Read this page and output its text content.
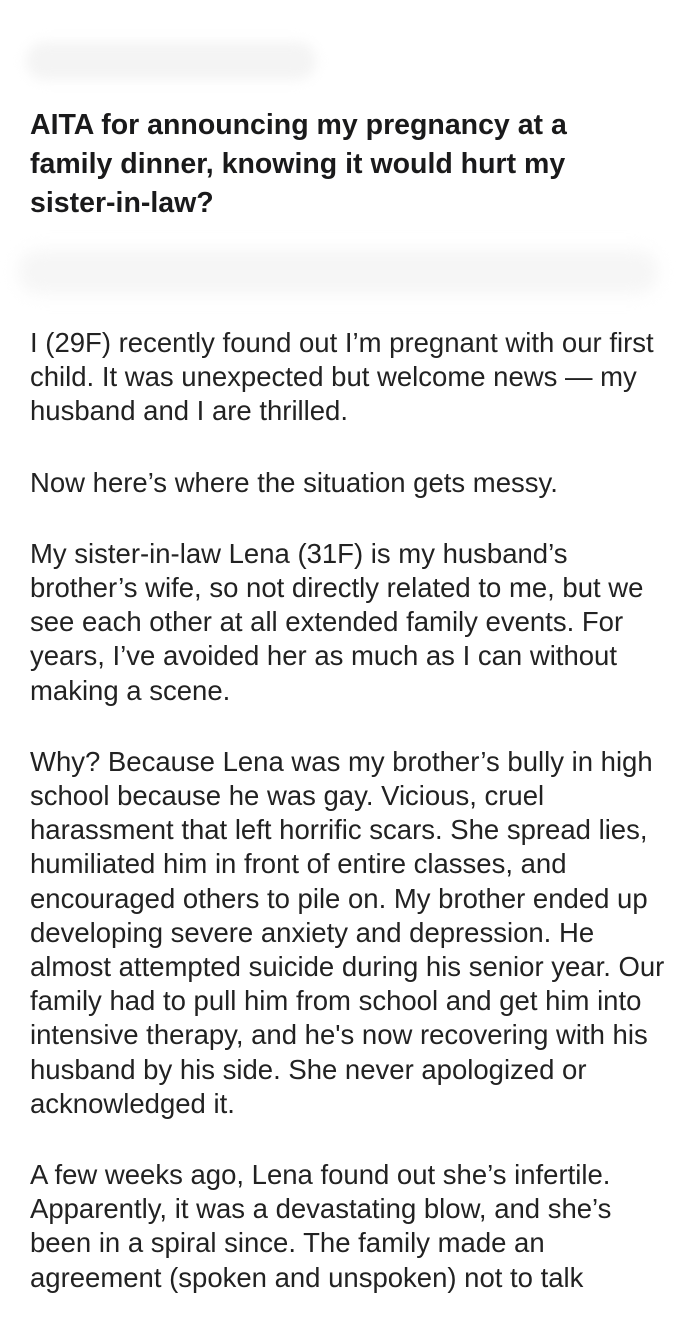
AITA for announcing my pregnancy at a family dinner, knowing it would hurt my sister-in-law?

I (29F) recently found out I’m pregnant with our first child. It was unexpected but welcome news — my husband and I are thrilled.

Now here’s where the situation gets messy.

My sister-in-law Lena (31F) is my husband’s brother’s wife, so not directly related to me, but we see each other at all extended family events. For years, I’ve avoided her as much as I can without making a scene.

Why? Because Lena was my brother’s bully in high school because he was gay. Vicious, cruel harassment that left horrific scars. She spread lies, humiliated him in front of entire classes, and encouraged others to pile on. My brother ended up developing severe anxiety and depression. He almost attempted suicide during his senior year. Our family had to pull him from school and get him into intensive therapy, and he's now recovering with his husband by his side. She never apologized or acknowledged it.

A few weeks ago, Lena found out she’s infertile. Apparently, it was a devastating blow, and she’s been in a spiral since. The family made an agreement (spoken and unspoken) not to talk
